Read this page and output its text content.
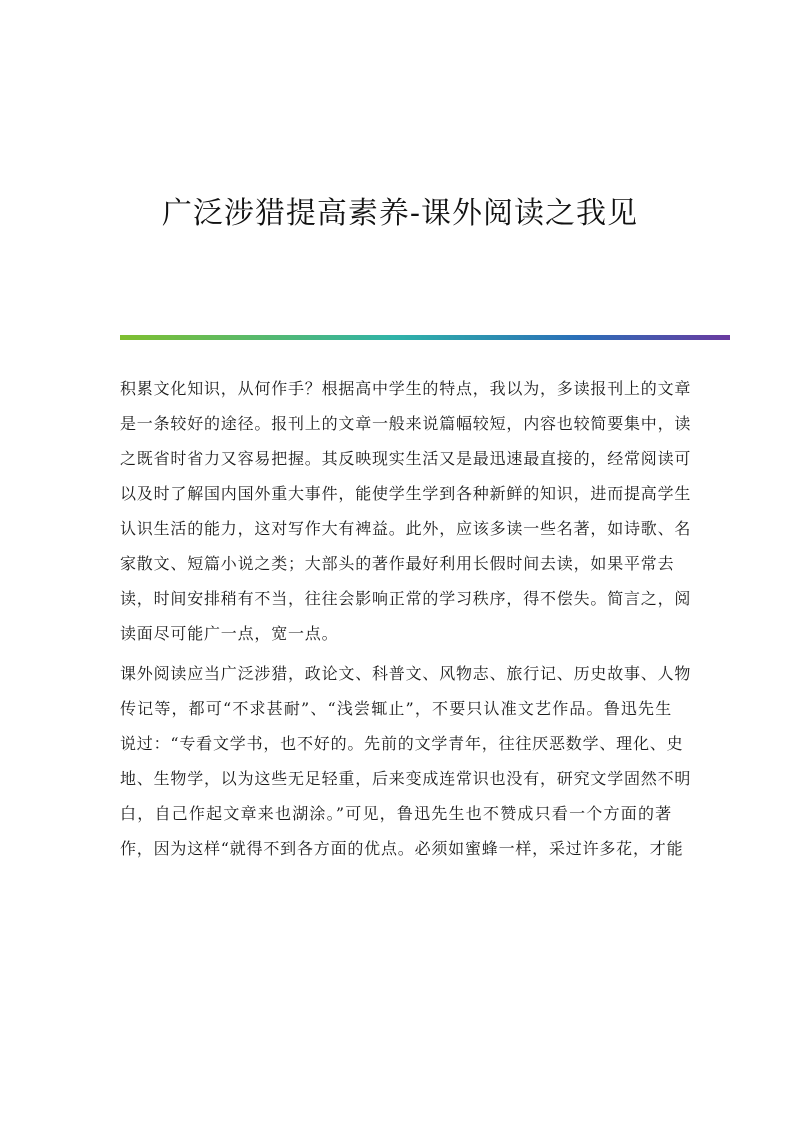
广泛涉猎提高素养-课外阅读之我见
积累文化知识，从何作手？根据高中学生的特点，我以为，多读报刊上的文章
是一条较好的途径。报刊上的文章一般来说篇幅较短，内容也较简要集中，读
之既省时省力又容易把握。其反映现实生活又是最迅速最直接的，经常阅读可
以及时了解国内国外重大事件，能使学生学到各种新鲜的知识，进而提高学生
认识生活的能力，这对写作大有裨益。此外，应该多读一些名著，如诗歌、名
家散文、短篇小说之类；大部头的著作最好利用长假时间去读，如果平常去
读，时间安排稍有不当，往往会影响正常的学习秩序，得不偿失。简言之，阅
读面尽可能广一点，宽一点。
课外阅读应当广泛涉猎，政论文、科普文、风物志、旅行记、历史故事、人物
传记等，都可“不求甚耐”、“浅尝辄止”，不要只认准文艺作品。鲁迅先生
说过：“专看文学书，也不好的。先前的文学青年，往往厌恶数学、理化、史
地、生物学，以为这些无足轻重，后来变成连常识也没有，研究文学固然不明
白，自己作起文章来也湖涂。”可见，鲁迅先生也不赞成只看一个方面的著
作，因为这样“就得不到各方面的优点。必须如蜜蜂一样，采过许多花，才能
